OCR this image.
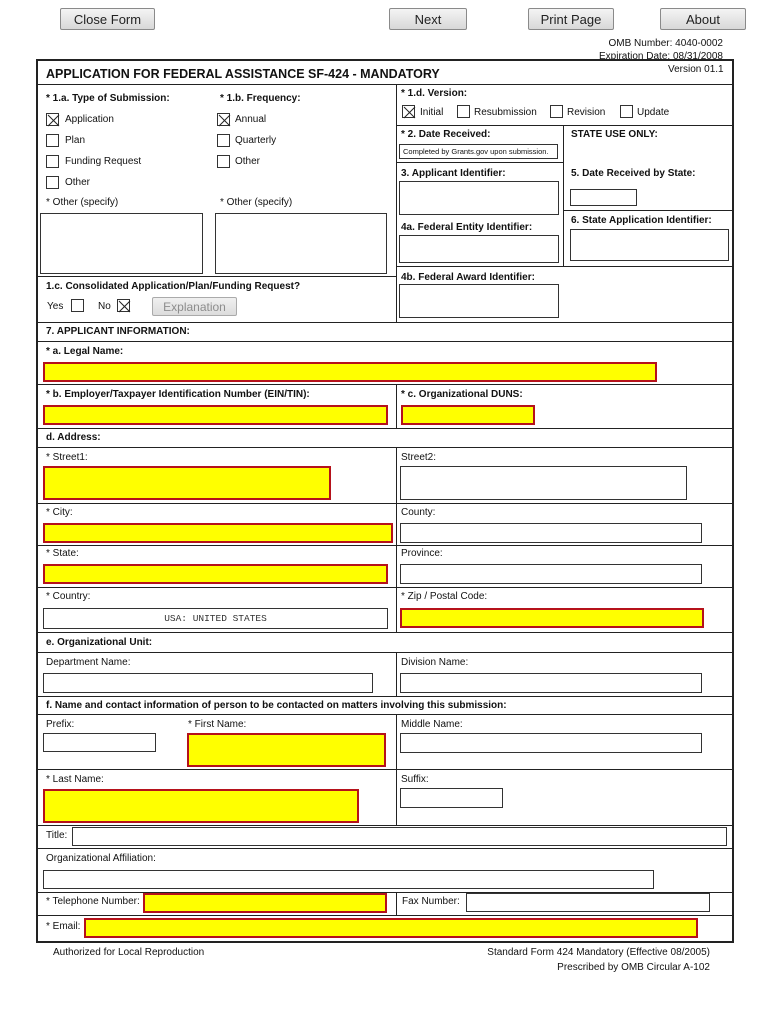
Close Form	Next	Print Page	About
OMB Number: 4040-0002
Expiration Date: 08/31/2008
APPLICATION FOR FEDERAL ASSISTANCE SF-424 - MANDATORY	Version 01.1
* 1.a. Type of Submission:
Application
Plan
Funding Request
Other
* Other (specify)
* 1.b. Frequency:
Annual
Quarterly
Other
* Other (specify)
* 1.d. Version:
Initial	Resubmission	Revision	Update
* 2. Date Received:
Completed by Grants.gov upon submission.
STATE USE ONLY:
3. Applicant Identifier:	5. Date Received by State:
4a. Federal Entity Identifier:
6. State Application Identifier:
4b. Federal Award Identifier:
1.c. Consolidated Application/Plan/Funding Request?
Yes	No	Explanation
7. APPLICANT INFORMATION:
* a. Legal Name:
* b. Employer/Taxpayer Identification Number (EIN/TIN):	* c. Organizational DUNS:
d. Address:
* Street1:	Street2:
* City:	County:
* State:	Province:
* Country:
USA: UNITED STATES
* Zip / Postal Code:
e. Organizational Unit:
Department Name:	Division Name:
f. Name and contact information of person to be contacted on matters involving this submission:
Prefix:	* First Name:	Middle Name:
* Last Name:	Suffix:
Title:
Organizational Affiliation:
* Telephone Number:	Fax Number:
* Email:
Authorized for Local Reproduction	Standard Form 424 Mandatory (Effective 08/2005)
Prescribed by OMB Circular A-102
